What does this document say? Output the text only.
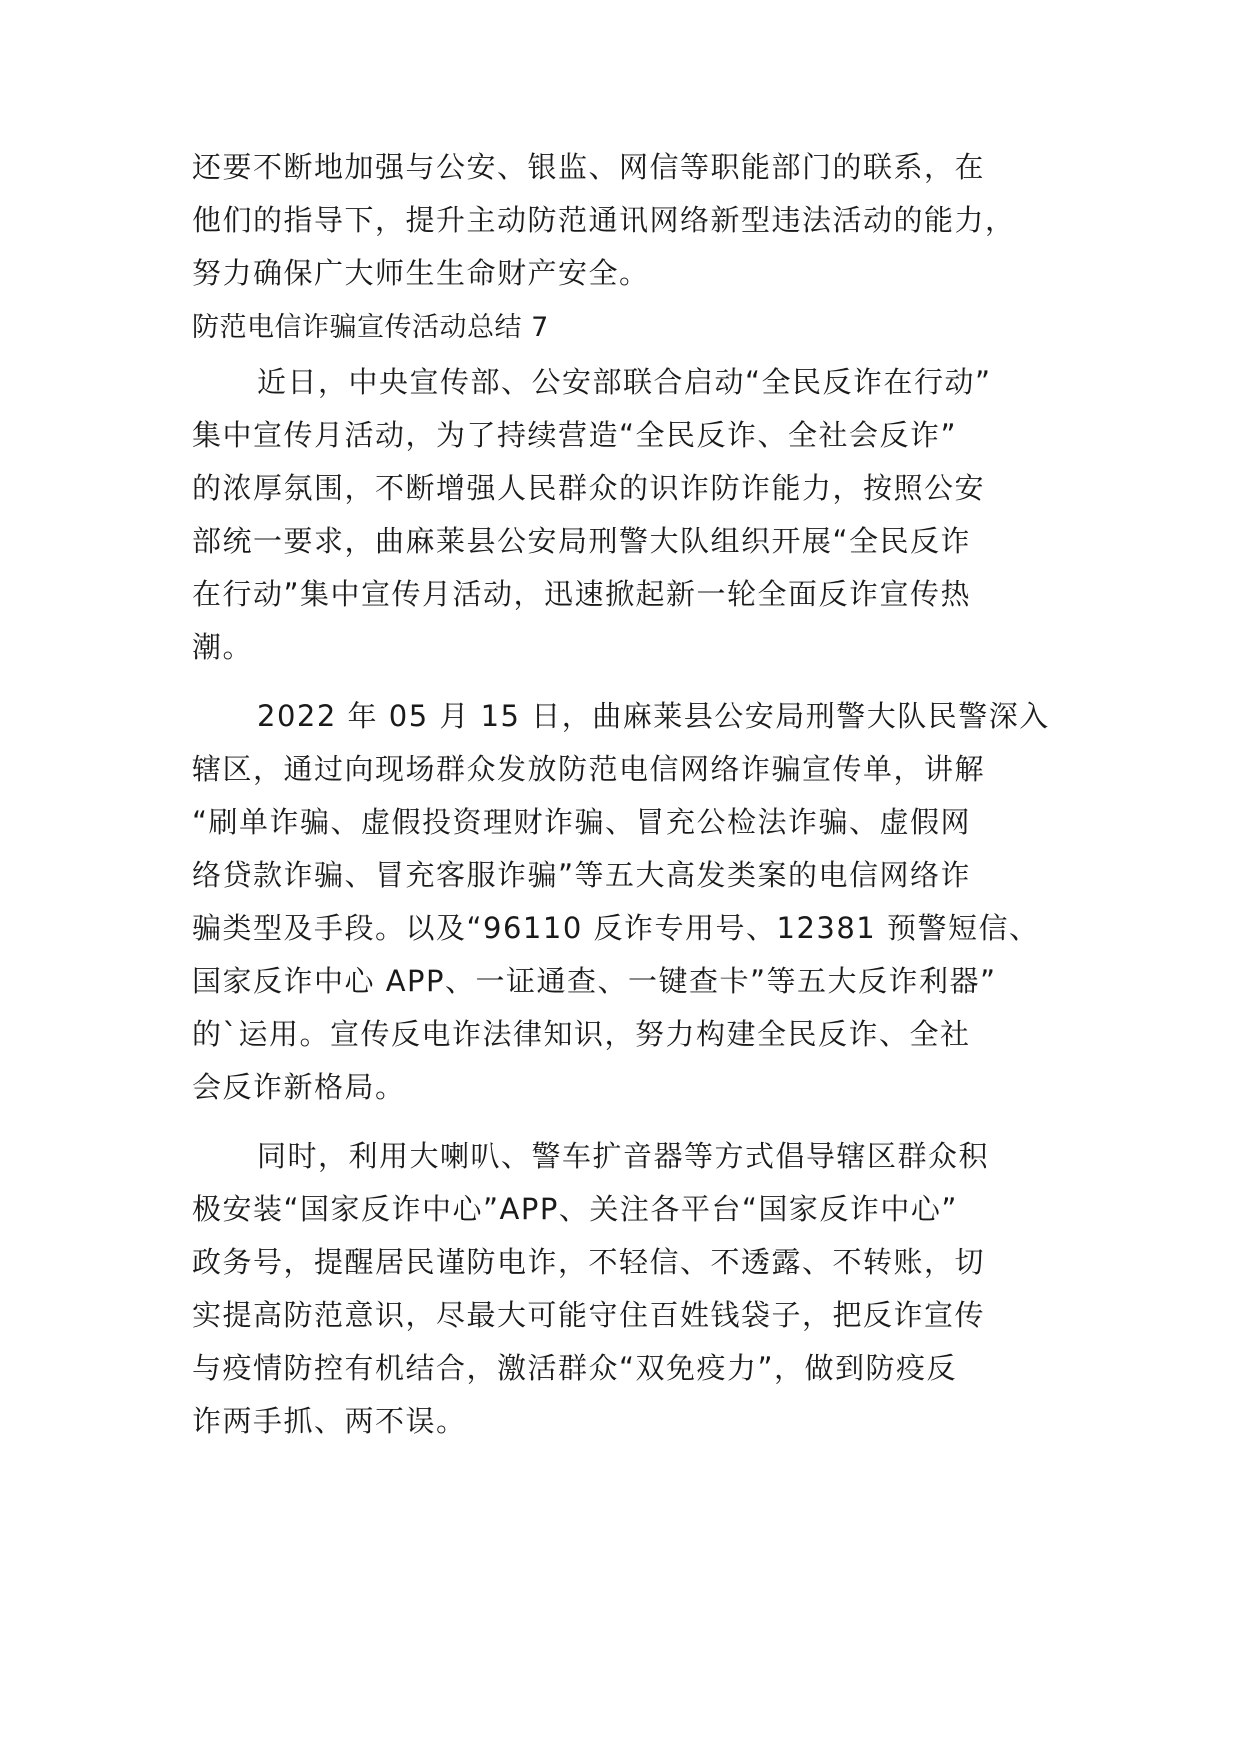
还要不断地加强与公安、银监、网信等职能部门的联系，在
他们的指导下，提升主动防范通讯网络新型违法活动的能力，
努力确保广大师生生命财产安全。
防范电信诈骗宣传活动总结 7
近日，中央宣传部、公安部联合启动“全民反诈在行动”
集中宣传月活动，为了持续营造“全民反诈、全社会反诈”
的浓厚氛围，不断增强人民群众的识诈防诈能力，按照公安
部统一要求，曲麻莱县公安局刑警大队组织开展“全民反诈
在行动”集中宣传月活动，迅速掀起新一轮全面反诈宣传热
潮。
2022 年 05 月 15 日，曲麻莱县公安局刑警大队民警深入
辖区，通过向现场群众发放防范电信网络诈骗宣传单，讲解
“刷单诈骗、虚假投资理财诈骗、冒充公检法诈骗、虚假网
络贷款诈骗、冒充客服诈骗”等五大高发类案的电信网络诈
骗类型及手段。以及“96110 反诈专用号、12381 预警短信、
国家反诈中心 APP、一证通查、一键查卡”等五大反诈利器”
的`运用。宣传反电诈法律知识，努力构建全民反诈、全社
会反诈新格局。
同时，利用大喇叭、警车扩音器等方式倡导辖区群众积
极安装“国家反诈中心”APP、关注各平台“国家反诈中心”
政务号，提醒居民谨防电诈，不轻信、不透露、不转账，切
实提高防范意识，尽最大可能守住百姓钱袋子，把反诈宣传
与疫情防控有机结合，激活群众“双免疫力”，做到防疫反
诈两手抓、两不误。
